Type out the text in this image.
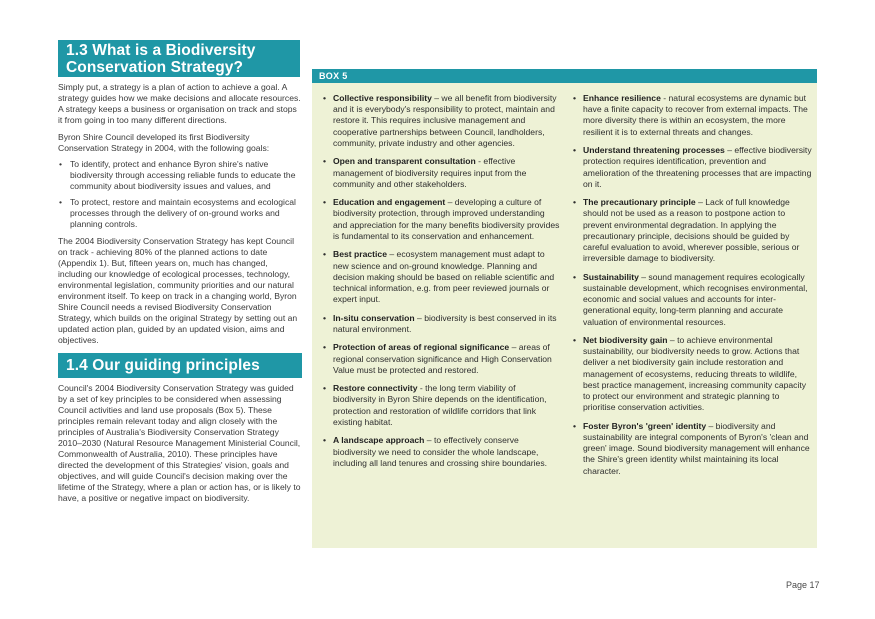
1.3 What is a Biodiversity Conservation Strategy?

Simply put, a strategy is a plan of action to achieve a goal. A strategy guides how we make decisions and allocate resources. A strategy keeps a business or organisation on track and stops it from going in too many different directions.

Byron Shire Council developed its first Biodiversity Conservation Strategy in 2004, with the following goals:

• To identify, protect and enhance Byron shire's native biodiversity through accessing reliable funds to educate the community about biodiversity issues and values, and
• To protect, restore and maintain ecosystems and ecological processes through the delivery of on-ground works and planning controls.

The 2004 Biodiversity Conservation Strategy has kept Council on track - achieving 80% of the planned actions to date (Appendix 1). But, fifteen years on, much has changed, including our knowledge of ecological processes, technology, environmental legislation, community priorities and our natural environment itself. To keep on track in a changing world, Byron Shire Council needs a revised Biodiversity Conservation Strategy, which builds on the original Strategy by setting out an updated action plan, guided by an updated vision, aims and objectives.

1.4 Our guiding principles

Council's 2004 Biodiversity Conservation Strategy was guided by a set of key principles to be considered when assessing Council activities and land use proposals (Box 5). These principles remain relevant today and align closely with the principles of Australia's Biodiversity Conservation Strategy 2010–2030 (Natural Resource Management Ministerial Council, Commonwealth of Australia, 2010). These principles have directed the development of this Strategies' vision, goals and objectives, and will guide Council's decision making over the lifetime of the Strategy, where a plan or action has, or is likely to have, a positive or negative impact on biodiversity.

BOX 5
• Collective responsibility – we all benefit from biodiversity and it is everybody's responsibility to protect, maintain and restore it. This requires inclusive management and cooperative partnerships between Council, landholders, community, private industry and other agencies.
• Open and transparent consultation - effective management of biodiversity requires input from the community and other stakeholders.
• Education and engagement – developing a culture of biodiversity protection, through improved understanding and appreciation for the many benefits biodiversity provides is fundamental to its conservation and enhancement.
• Best practice – ecosystem management must adapt to new science and on-ground knowledge. Planning and decision making should be based on reliable scientific and technical information, e.g. from peer reviewed journals or expert input.
• In-situ conservation – biodiversity is best conserved in its natural environment.
• Protection of areas of regional significance – areas of regional conservation significance and High Conservation Value must be protected and restored.
• Restore connectivity - the long term viability of biodiversity in Byron Shire depends on the identification, protection and restoration of wildlife corridors that link existing habitat.
• A landscape approach – to effectively conserve biodiversity we need to consider the whole landscape, including all land tenures and crossing shire boundaries.
• Enhance resilience - natural ecosystems are dynamic but have a finite capacity to recover from external impacts. The more diversity there is within an ecosystem, the more resilient it is to external threats and changes.
• Understand threatening processes – effective biodiversity protection requires identification, prevention and amelioration of the threatening processes that are impacting on it.
• The precautionary principle – Lack of full knowledge should not be used as a reason to postpone action to prevent environmental degradation. In applying the precautionary principle, decisions should be guided by careful evaluation to avoid, wherever possible, serious or irreversible damage to biodiversity.
• Sustainability – sound management requires ecologically sustainable development, which recognises environmental, economic and social values and accounts for inter-generational equity, long-term planning and accurate valuation of environmental resources.
• Net biodiversity gain – to achieve environmental sustainability, our biodiversity needs to grow. Actions that deliver a net biodiversity gain include restoration and management of ecosystems, reducing threats to wildlife, best practice management, increasing community capacity to protect our environment and strategic planning to prioritise conservation activities.
• Foster Byron's 'green' identity – biodiversity and sustainability are integral components of Byron's 'clean and green' image. Sound biodiversity management will enhance the Shire's green identity whilst maintaining its local character.
Page 17
